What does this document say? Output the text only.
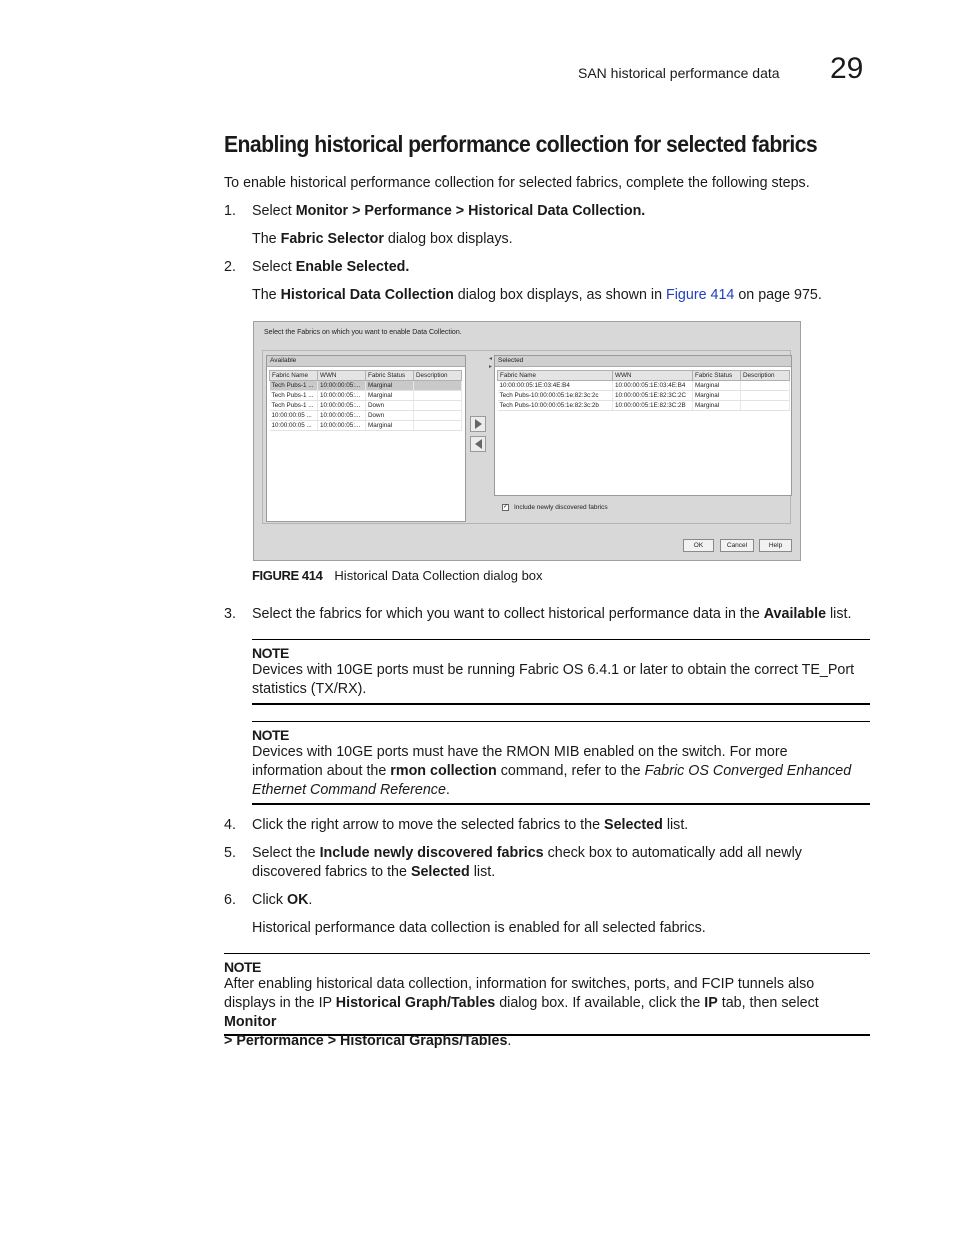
SAN historical performance data 29
Enabling historical performance collection for selected fabrics
To enable historical performance collection for selected fabrics, complete the following steps.
1. Select Monitor > Performance > Historical Data Collection.
The Fabric Selector dialog box displays.
2. Select Enable Selected.
The Historical Data Collection dialog box displays, as shown in Figure 414 on page 975.
Select the Fabrics on which you want to enable Data Collection.
Available
Fabric Name	WWN	Fabric Status	Description
Tech Pubs-1 ...	10:00:00:05:...	Marginal	
Tech Pubs-1 ...	10:00:00:05:...	Marginal	
Tech Pubs-1 ...	10:00:00:05:...	Down	
10:00:00:05 ...	10:00:00:05:...	Down	
10:00:00:05 ...	10:00:00:05:...	Marginal	
◂
▸
Selected
Fabric Name	WWN	Fabric Status	Description
10:00:00:05:1E:03:4E:B4	10:00:00:05:1E:03:4E:B4	Marginal	
Tech Pubs-10:00:00:05:1e:82:3c:2c	10:00:00:05:1E:82:3C:2C	Marginal	
Tech Pubs-10:00:00:05:1e:82:3c:2b	10:00:00:05:1E:82:3C:2B	Marginal	
✓ Include newly discovered fabrics
OK	Cancel	Help
FIGURE 414 Historical Data Collection dialog box
3. Select the fabrics for which you want to collect historical performance data in the Available list.
NOTE
Devices with 10GE ports must be running Fabric OS 6.4.1 or later to obtain the correct TE_Port
statistics (TX/RX).
NOTE
Devices with 10GE ports must have the RMON MIB enabled on the switch. For more
information about the rmon collection command, refer to the Fabric OS Converged Enhanced
Ethernet Command Reference.
4. Click the right arrow to move the selected fabrics to the Selected list.
5. Select the Include newly discovered fabrics check box to automatically add all newly
discovered fabrics to the Selected list.
6. Click OK.
Historical performance data collection is enabled for all selected fabrics.
NOTE
After enabling historical data collection, information for switches, ports, and FCIP tunnels also
displays in the IP Historical Graph/Tables dialog box. If available, click the IP tab, then select Monitor
> Performance > Historical Graphs/Tables.
